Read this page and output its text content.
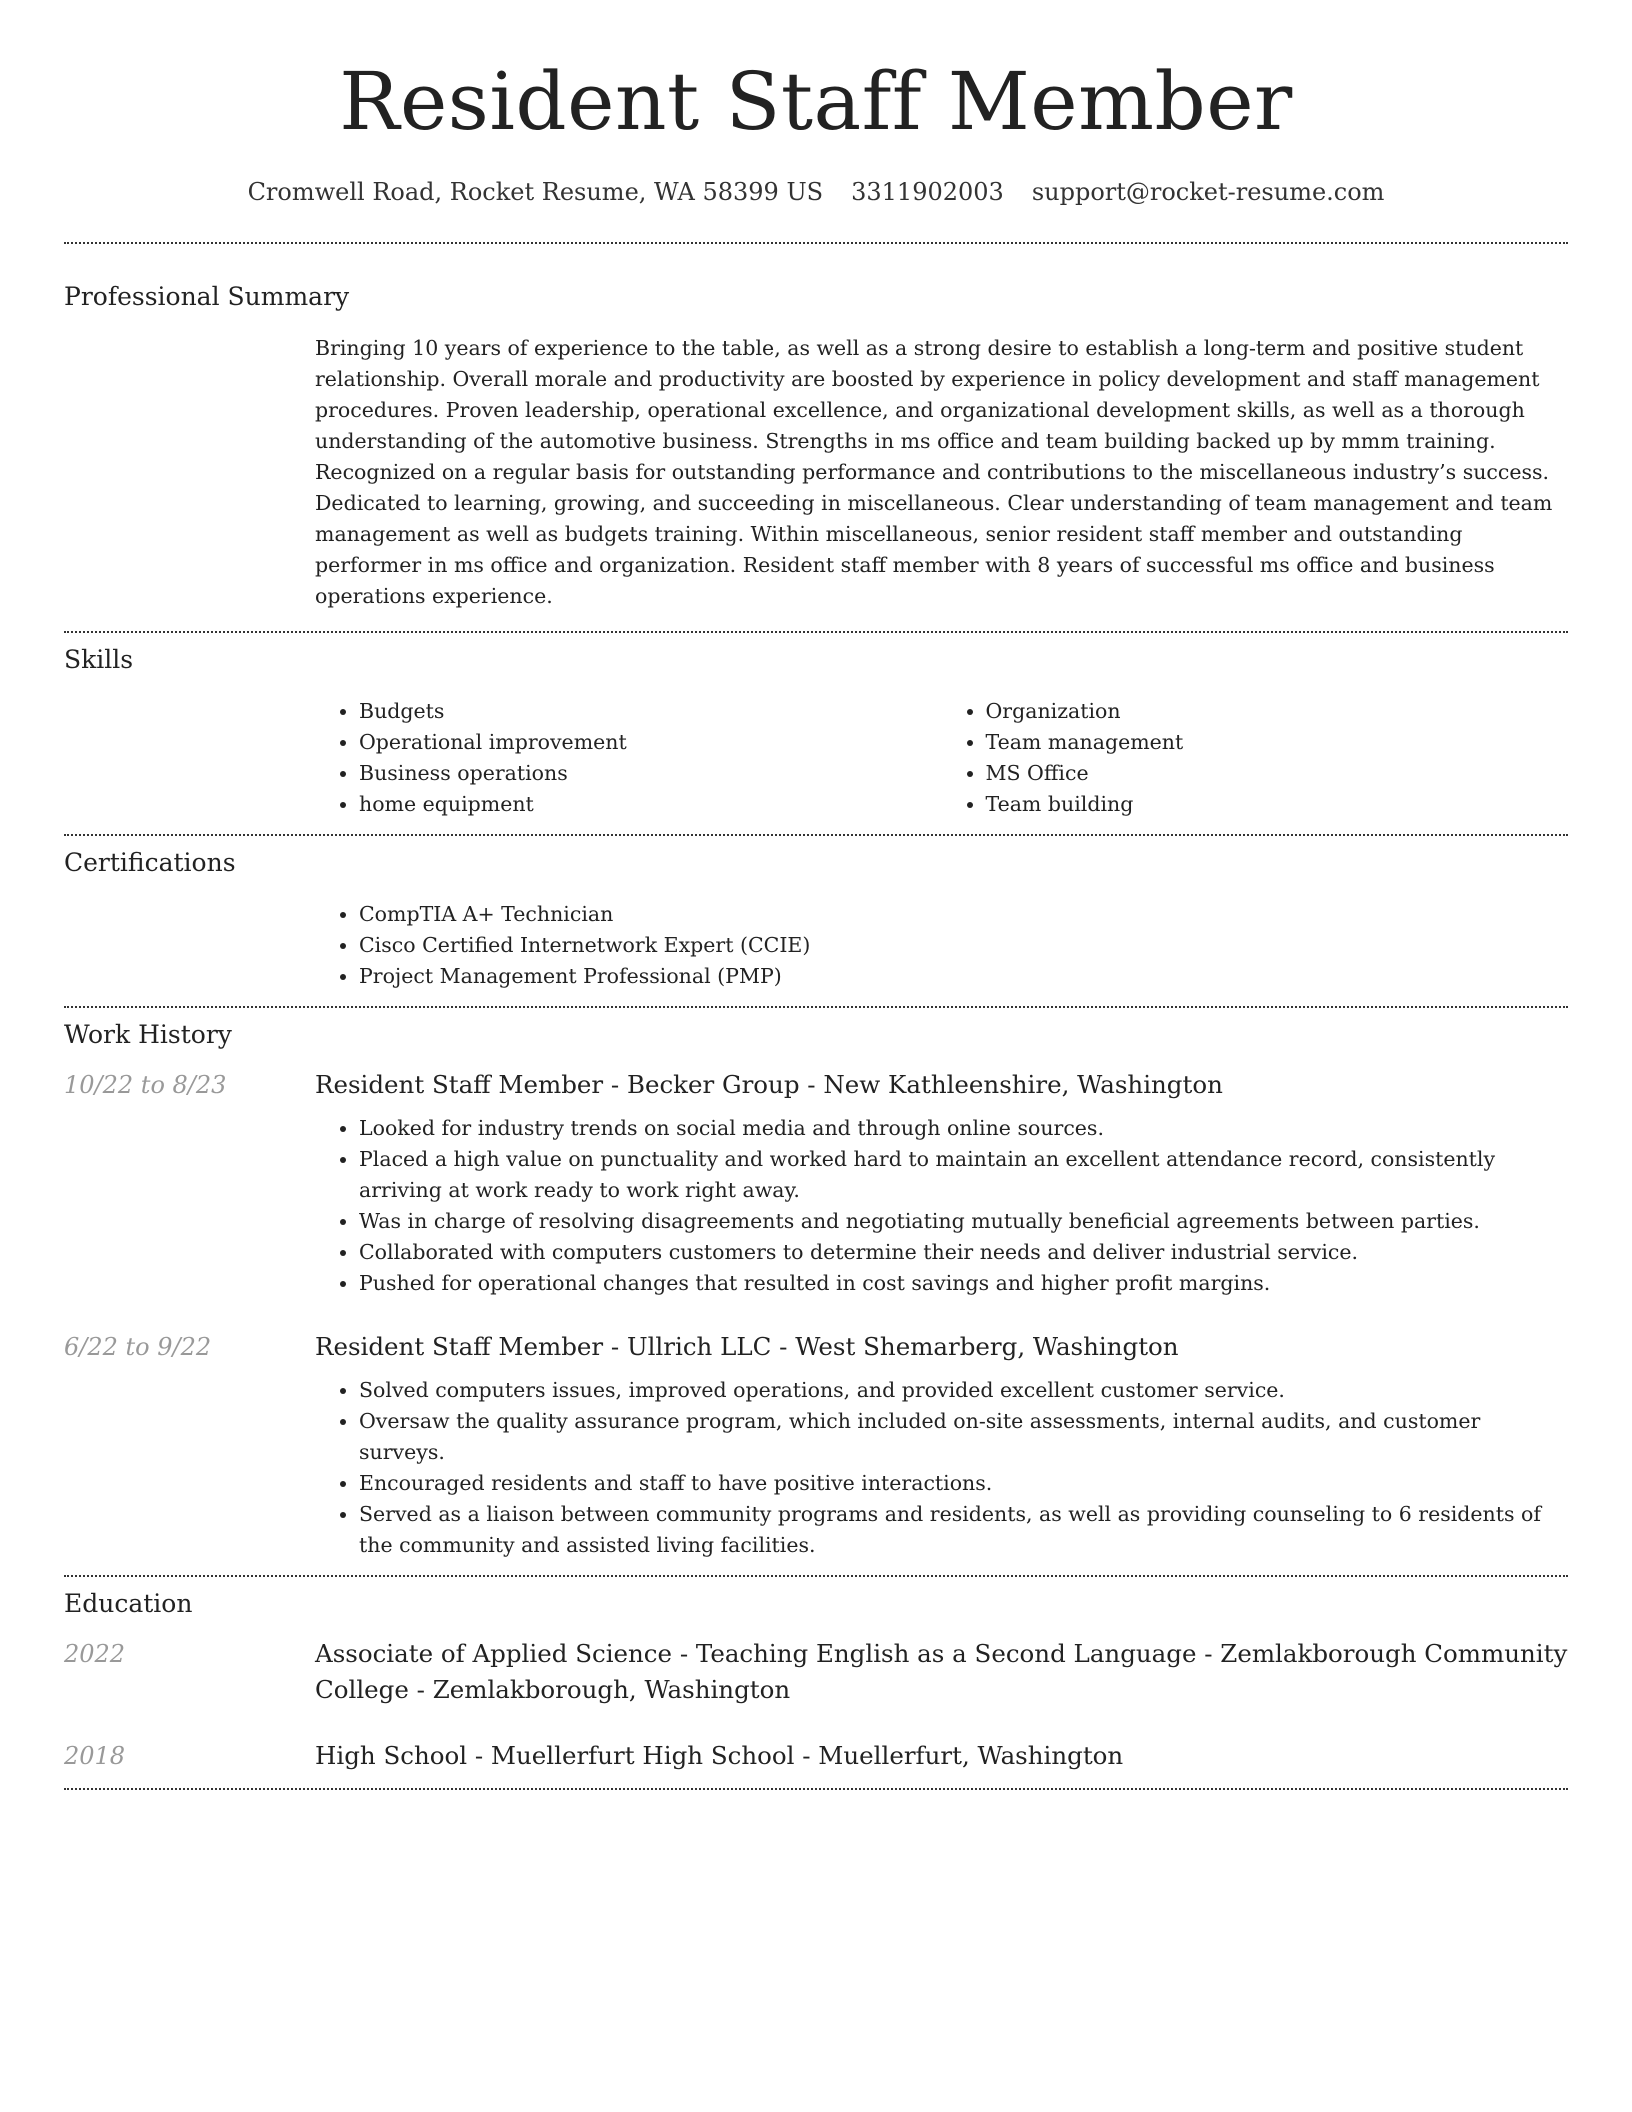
Resident Staff Member
Cromwell Road, Rocket Resume, WA 58399 US 3311902003 support@rocket-resume.com
Professional Summary

Bringing 10 years of experience to the table, as well as a strong desire to establish a long-term and positive student relationship. Overall morale and productivity are boosted by experience in policy development and staff management procedures. Proven leadership, operational excellence, and organizational development skills, as well as a thorough understanding of the automotive business. Strengths in ms office and team building backed up by mmm training. Recognized on a regular basis for outstanding performance and contributions to the miscellaneous industry’s success. Dedicated to learning, growing, and succeeding in miscellaneous. Clear understanding of team management and team management as well as budgets training. Within miscellaneous, senior resident staff member and outstanding performer in ms office and organization. Resident staff member with 8 years of successful ms office and business operations experience.

Skills
• Budgets
• Operational improvement
• Business operations
• home equipment
• Organization
• Team management
• MS Office
• Team building
Certifications
• CompTIA A+ Technician
• Cisco Certified Internetwork Expert (CCIE)
• Project Management Professional (PMP)
Work History
10/22 to 8/23	Resident Staff Member - Becker Group - New Kathleenshire, Washington

• Looked for industry trends on social media and through online sources.
• Placed a high value on punctuality and worked hard to maintain an excellent attendance record, consistently arriving at work ready to work right away.
• Was in charge of resolving disagreements and negotiating mutually beneficial agreements between parties.
• Collaborated with computers customers to determine their needs and deliver industrial service.
• Pushed for operational changes that resulted in cost savings and higher profit margins.
6/22 to 9/22	Resident Staff Member - Ullrich LLC - West Shemarberg, Washington

• Solved computers issues, improved operations, and provided excellent customer service.
• Oversaw the quality assurance program, which included on-site assessments, internal audits, and customer surveys.
• Encouraged residents and staff to have positive interactions.
• Served as a liaison between community programs and residents, as well as providing counseling to 6 residents of the community and assisted living facilities.
Education
2022	Associate of Applied Science - Teaching English as a Second Language - Zemlakborough Community College - Zemlakborough, Washington

2018	High School - Muellerfurt High School - Muellerfurt, Washington
